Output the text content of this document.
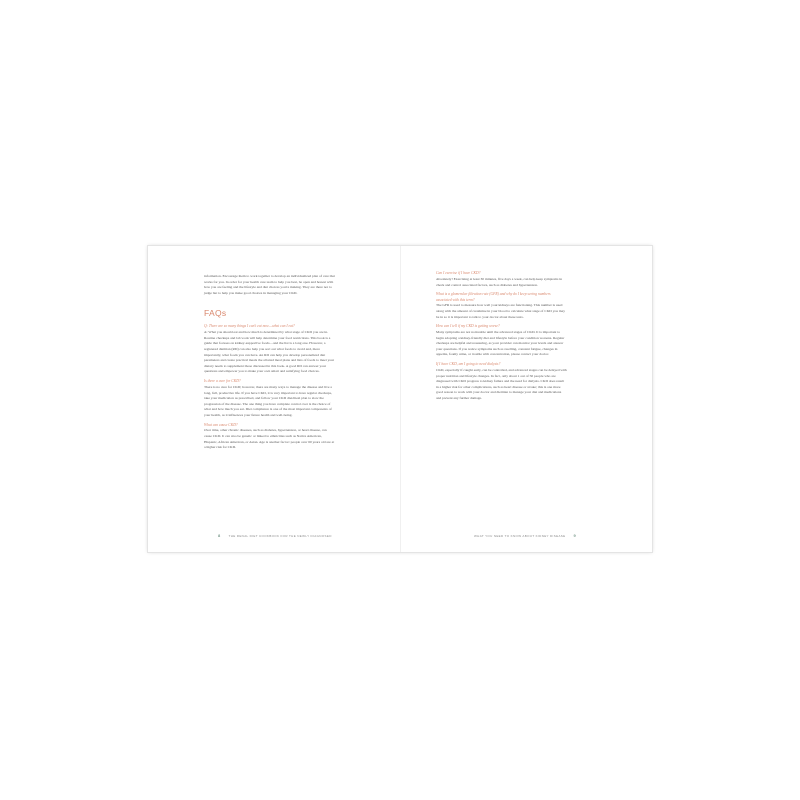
information. Encourage them to work together to develop an individualized plan of care that works for you. In order for your health care team to help you best, be open and honest with how you are feeling and the lifestyle and diet choices you're making. They are there not to judge but to help you make good choices in managing your CKD.

FAQs

Q: There are so many things I can't eat now—what can I eat?

A: What you should eat and how much is determined by what stage of CKD you are in. Routine checkups and lab work will help determine your food restrictions. This book is a guide that focuses on kidney-supportive foods—and the list is a long one. However, a registered dietitian (RD) can also help you sort out what foods to avoid and, more importantly, what foods you can have. An RD can help you develop personalized diet parameters and create practical meals the allotted meal plans and lists of foods to meet your dietary needs to supplement those discussed in this book. A good RD can answer your questions and empower you to make your own smart and satisfying food choices.

Is there a cure for CKD?

There is no cure for CKD; however, there are many ways to manage the disease and live a long, full, productive life. If you have CKD, it is very important to have regular checkups, take your medication as prescribed, and follow your CKD diet/meal plan to slow the progression of the disease. The one thing you have complete control over is the choice of what and how much you eat. Diet compliance is one of the most important components of your health, as it influences your future health and well-being.

What can cause CKD?

Over time, other chronic diseases, such as diabetes, hypertension, or heart disease, can cause CKD. It can also be genetic or linked to ethnicities such as Native American, Hispanic, African American, or Asian. Age is another factor: people over 60 years old are at a higher risk for CKD.

8	THE RENAL DIET COOKBOOK FOR THE NEWLY DIAGNOSED

Can I exercise if I have CKD?

Absolutely! Exercising at least 30 minutes, five days a week, can help keep symptoms in check and control associated factors, such as diabetes and hypertension.

What is a glomerular filtration rate (GFR) and why do I keep seeing numbers associated with this term?

The GFR is used to measure how well your kidneys are functioning. This number is used along with the amount of creatinine in your blood to calculate what stage of CKD you may be in so it is important to talk to your doctor about these tests.

How can I tell if my CKD is getting worse?

Many symptoms are not noticeable until the advanced stages of CKD. It is important to begin adopting a kidney-friendly diet and lifestyle before your condition worsens. Regular checkups are helpful and reassuring, as your provider can monitor your levels and answer your questions. If you notice symptoms such as swelling, constant fatigue, changes in appetite, foamy urine, or trouble with concentration, please contact your doctor.

If I have CKD, am I going to need dialysis?

CKD, especially if caught early, can be controlled, and advanced stages can be delayed with proper nutrition and lifestyle changes. In fact, only about 1 out of 50 people who are diagnosed with CKD progress to kidney failure and the need for dialysis. CKD does result in a higher risk for other complications, such as heart disease or stroke; this is one more good reason to work with your doctor and dietitian to manage your diet and medications and prevent any further damage.

WHAT YOU NEED TO KNOW ABOUT KIDNEY DISEASE 9
